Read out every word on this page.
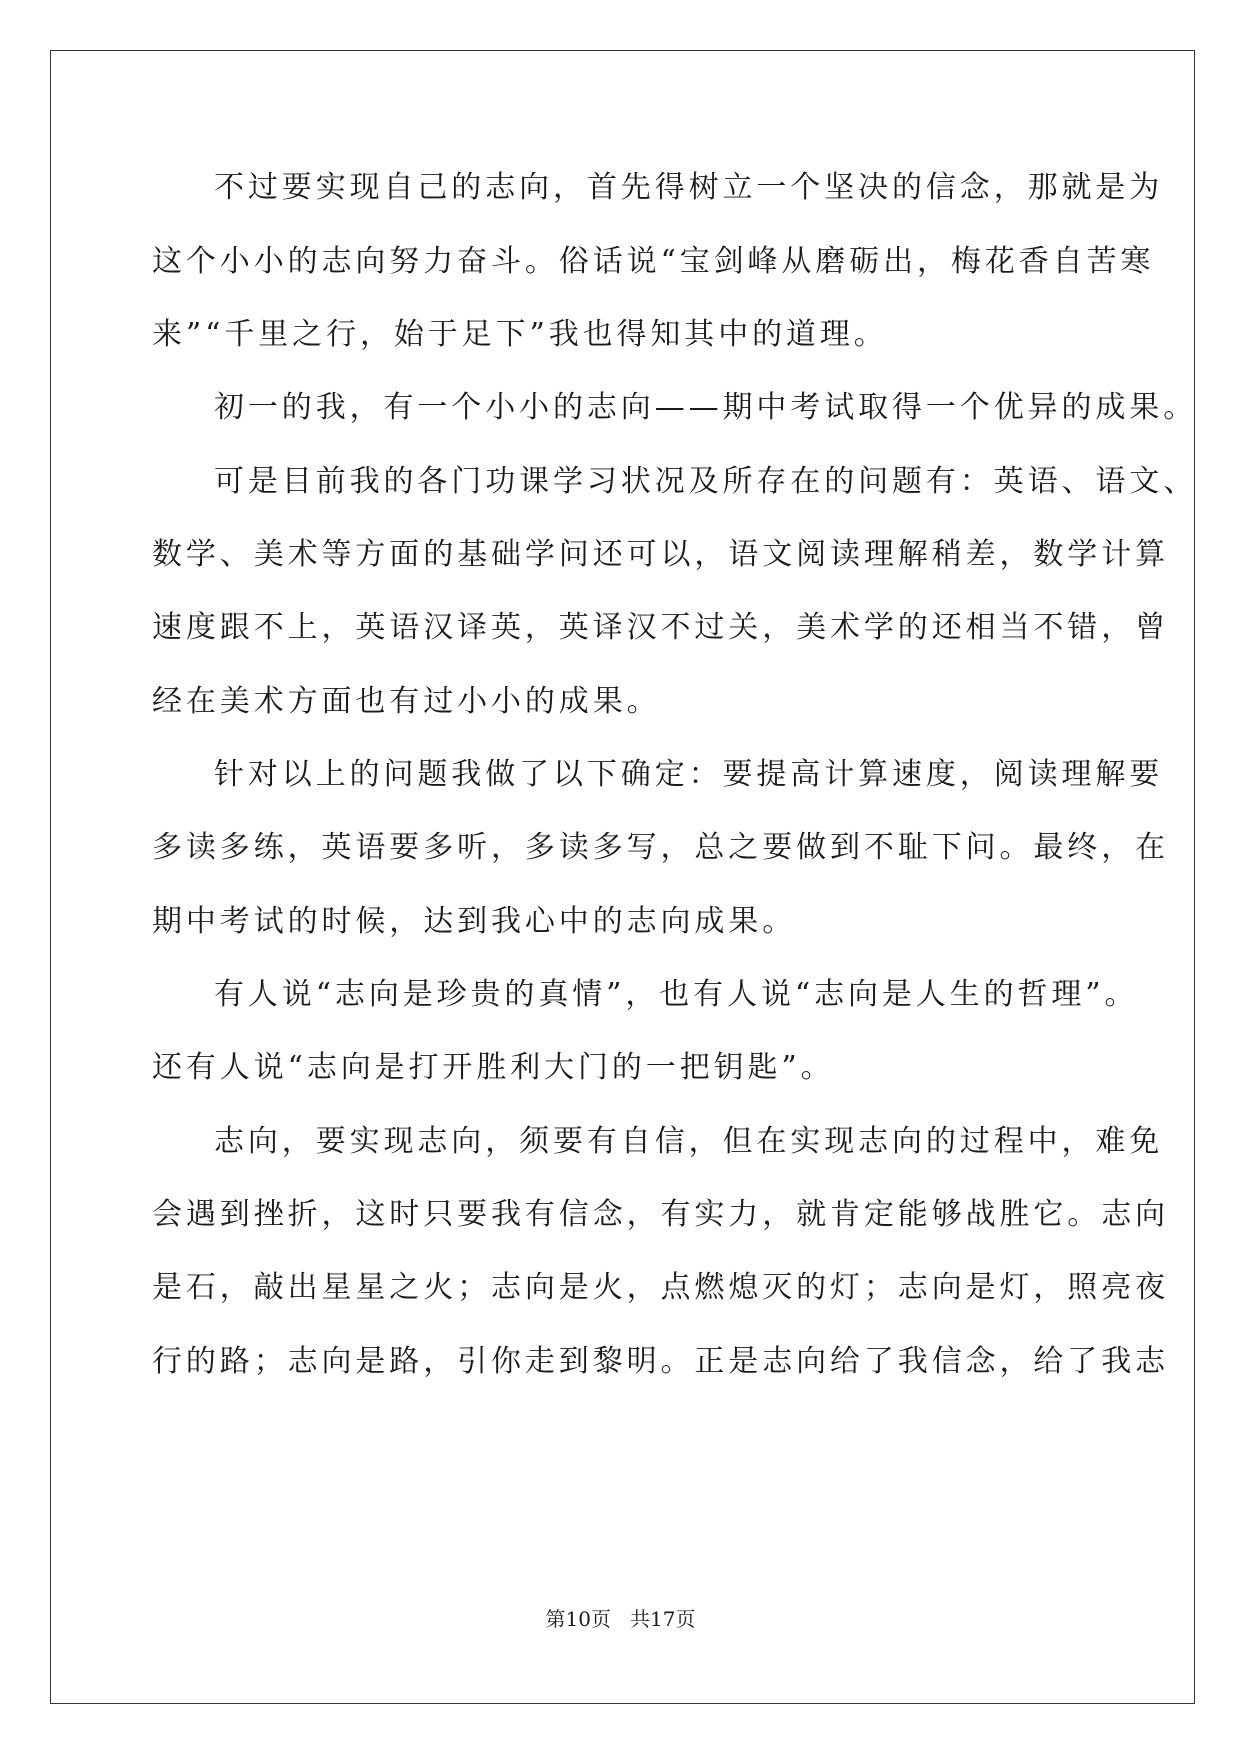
不过要实现自己的志向，首先得树立一个坚决的信念，那就是为
这个小小的志向努力奋斗。俗话说“宝剑峰从磨砺出，梅花香自苦寒
来”“千里之行，始于足下”我也得知其中的道理。
初一的我，有一个小小的志向——期中考试取得一个优异的成果。
可是目前我的各门功课学习状况及所存在的问题有：英语、语文、
数学、美术等方面的基础学问还可以，语文阅读理解稍差，数学计算
速度跟不上，英语汉译英，英译汉不过关，美术学的还相当不错，曾
经在美术方面也有过小小的成果。
针对以上的问题我做了以下确定：要提高计算速度，阅读理解要
多读多练，英语要多听，多读多写，总之要做到不耻下问。最终，在
期中考试的时候，达到我心中的志向成果。
有人说“志向是珍贵的真情”，也有人说“志向是人生的哲理”。
还有人说“志向是打开胜利大门的一把钥匙”。
志向，要实现志向，须要有自信，但在实现志向的过程中，难免
会遇到挫折，这时只要我有信念，有实力，就肯定能够战胜它。志向
是石，敲出星星之火；志向是火，点燃熄灭的灯；志向是灯，照亮夜
行的路；志向是路，引你走到黎明。正是志向给了我信念，给了我志
第10页 共17页
